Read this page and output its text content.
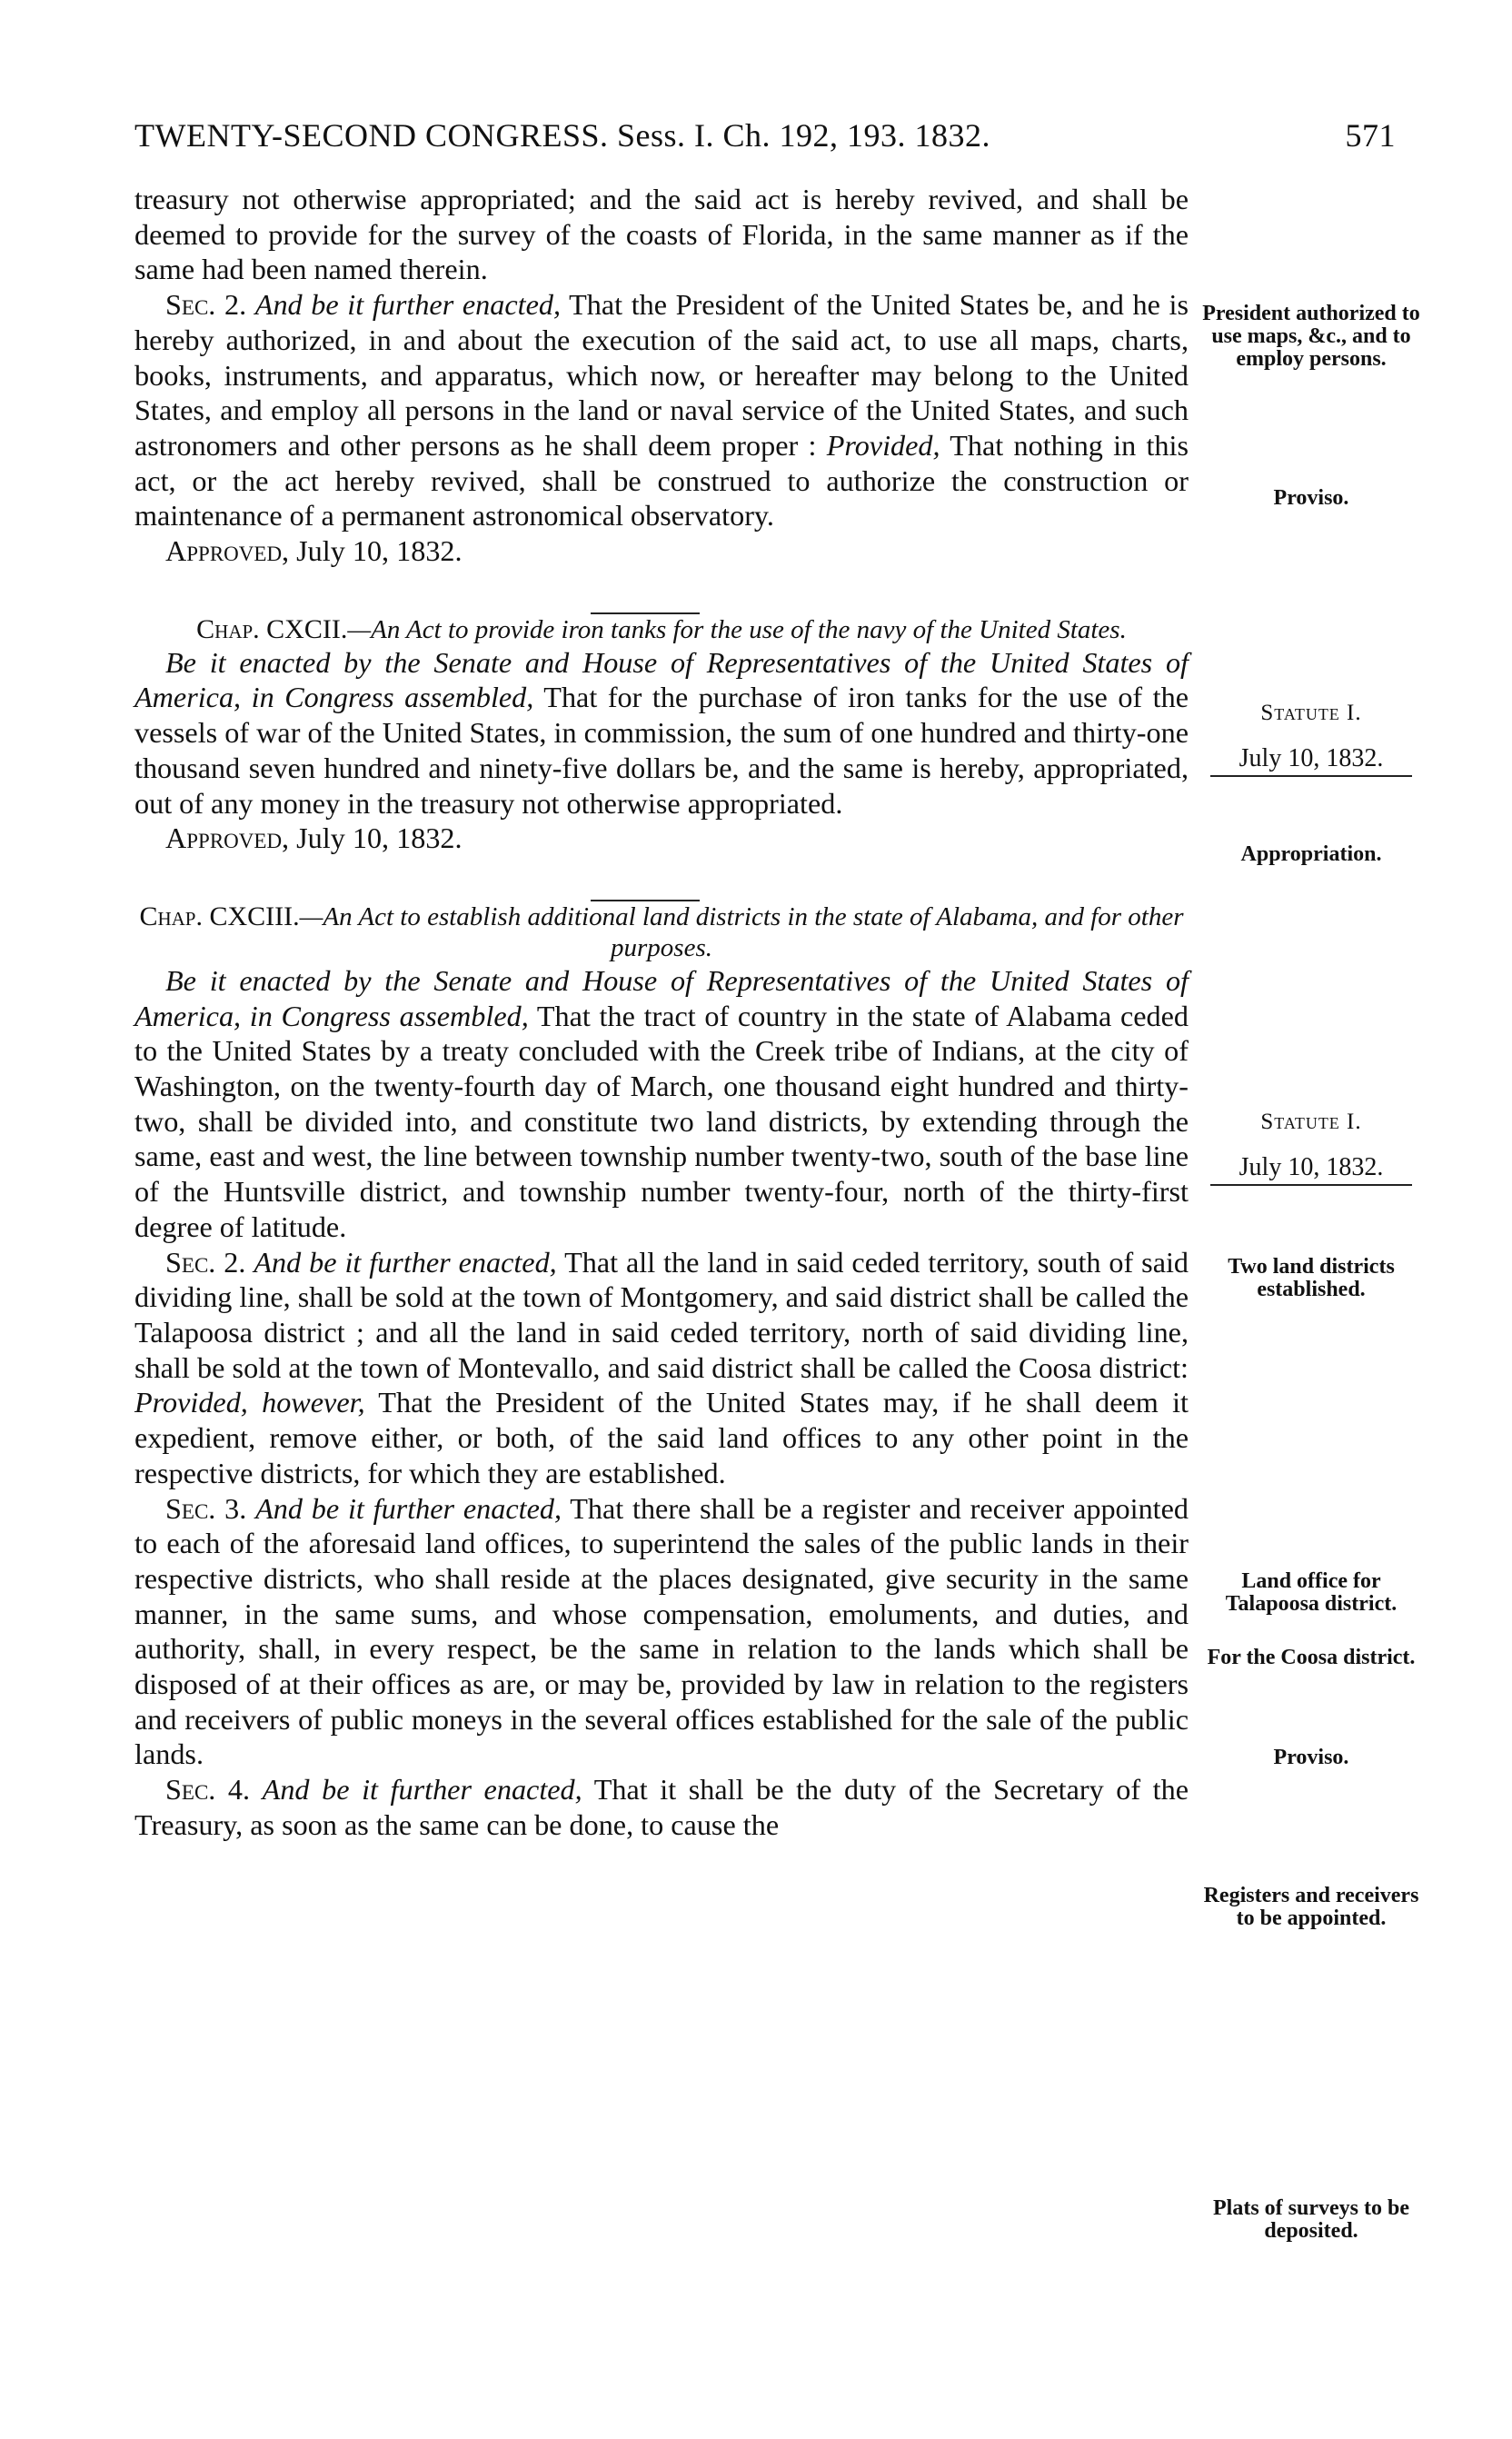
TWENTY-SECOND CONGRESS. Sess. I. Ch. 192, 193. 1832.	571

treasury not otherwise appropriated; and the said act is hereby revived, and shall be deemed to provide for the survey of the coasts of Florida, in the same manner as if the same had been named therein.

Sec. 2. And be it further enacted, That the President of the United States be, and he is hereby authorized, in and about the execution of the said act, to use all maps, charts, books, instruments, and apparatus, which now, or hereafter may belong to the United States, and employ all persons in the land or naval service of the United States, and such astronomers and other persons as he shall deem proper : Provided, That nothing in this act, or the act hereby revived, shall be construed to authorize the construction or maintenance of a permanent astronomical observatory.

Approved, July 10, 1832.

Chap. CXCII.—An Act to provide iron tanks for the use of the navy of the United States.

Be it enacted by the Senate and House of Representatives of the United States of America, in Congress assembled, That for the purchase of iron tanks for the use of the vessels of war of the United States, in commission, the sum of one hundred and thirty-one thousand seven hundred and ninety-five dollars be, and the same is hereby, appropriated, out of any money in the treasury not otherwise appropriated.

Approved, July 10, 1832.

Chap. CXCIII.—An Act to establish additional land districts in the state of Alabama, and for other purposes.

Be it enacted by the Senate and House of Representatives of the United States of America, in Congress assembled, That the tract of country in the state of Alabama ceded to the United States by a treaty concluded with the Creek tribe of Indians, at the city of Washington, on the twenty-fourth day of March, one thousand eight hundred and thirty-two, shall be divided into, and constitute two land districts, by extending through the same, east and west, the line between township number twenty-two, south of the base line of the Huntsville district, and township number twenty-four, north of the thirty-first degree of latitude.

Sec. 2. And be it further enacted, That all the land in said ceded territory, south of said dividing line, shall be sold at the town of Montgomery, and said district shall be called the Talapoosa district ; and all the land in said ceded territory, north of said dividing line, shall be sold at the town of Montevallo, and said district shall be called the Coosa district: Provided, however, That the President of the United States may, if he shall deem it expedient, remove either, or both, of the said land offices to any other point in the respective districts, for which they are established.

Sec. 3. And be it further enacted, That there shall be a register and receiver appointed to each of the aforesaid land offices, to superintend the sales of the public lands in their respective districts, who shall reside at the places designated, give security in the same manner, in the same sums, and whose compensation, emoluments, and duties, and authority, shall, in every respect, be the same in relation to the lands which shall be disposed of at their offices as are, or may be, provided by law in relation to the registers and receivers of public moneys in the several offices established for the sale of the public lands.

Sec. 4. And be it further enacted, That it shall be the duty of the Secretary of the Treasury, as soon as the same can be done, to cause the

President authorized to use maps, &c., and to employ persons.
Proviso.
Statute I.
July 10, 1832.
Appropriation.
Statute I.
July 10, 1832.
Two land districts established.
Land office for Talapoosa district.
For the Coosa district.
Proviso.
Registers and receivers to be appointed.
Plats of surveys to be deposited.
